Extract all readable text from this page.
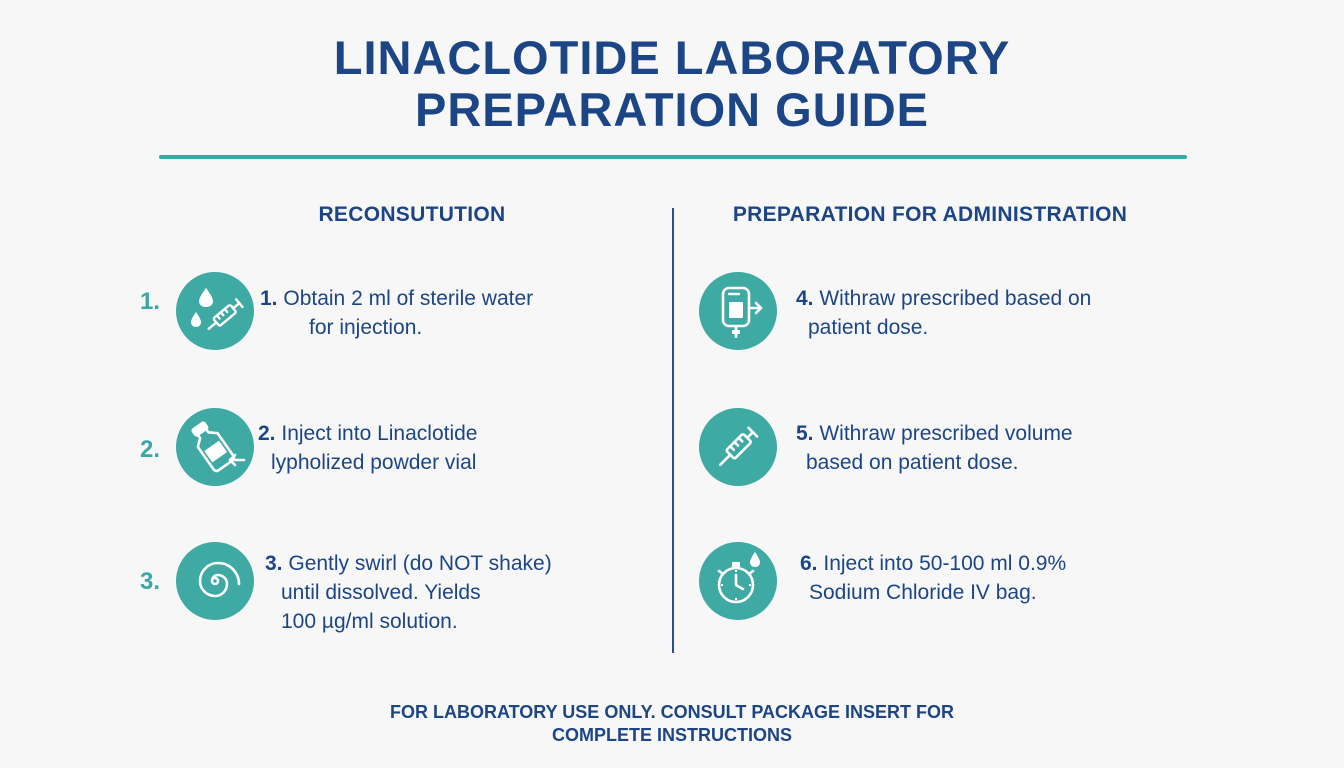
LINACLOTIDE LABORATORY
PREPARATION GUIDE
RECONSUTUTION
1.	1. Obtain 2 ml of sterile water
for injection.
2.
2. Inject into Linaclotide
lypholized powder vial
3.
3. Gently swirl (do NOT shake)
until dissolved. Yields
100 µg/ml solution.
PREPARATION FOR ADMINISTRATION
4. Withraw prescribed based on
patient dose.
5. Withraw prescribed volume
based on patient dose.
6. Inject into 50-100 ml 0.9%
Sodium Chloride IV bag.
FOR LABORATORY USE ONLY. CONSULT PACKAGE INSERT FOR
COMPLETE INSTRUCTIONS
